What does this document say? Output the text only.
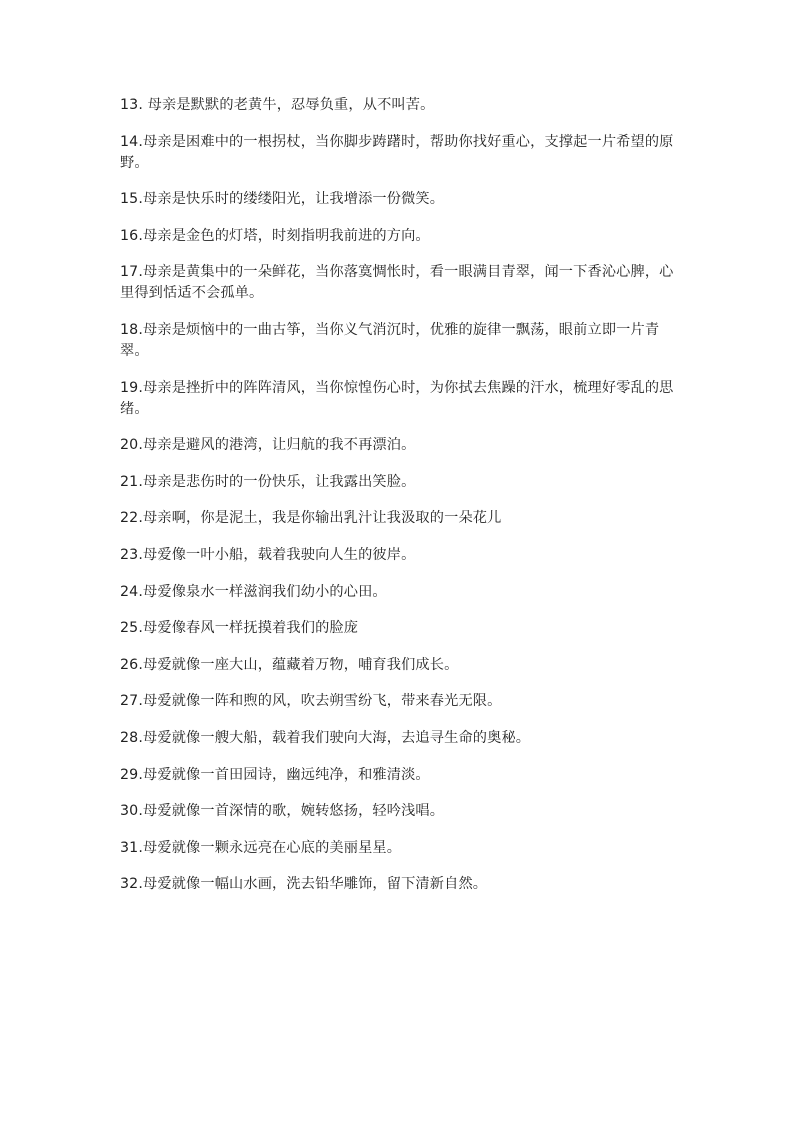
13. 母亲是默默的老黄牛，忍辱负重，从不叫苦。
14.母亲是困难中的一根拐杖，当你脚步踌躇时，帮助你找好重心，支撑起一片希望的原野。
15.母亲是快乐时的缕缕阳光，让我增添一份微笑。
16.母亲是金色的灯塔，时刻指明我前进的方向。
17.母亲是黄集中的一朵鲜花，当你落寞惆怅时，看一眼满目青翠，闻一下香沁心脾，心里得到恬适不会孤单。
18.母亲是烦恼中的一曲古筝，当你义气消沉时，优雅的旋律一飘荡，眼前立即一片青翠。
19.母亲是挫折中的阵阵清风，当你惊惶伤心时，为你拭去焦躁的汗水，梳理好零乱的思绪。
20.母亲是避风的港湾，让归航的我不再漂泊。
21.母亲是悲伤时的一份快乐，让我露出笑脸。
22.母亲啊，你是泥土，我是你输出乳汁让我汲取的一朵花儿
23.母爱像一叶小船，载着我驶向人生的彼岸。
24.母爱像泉水一样滋润我们幼小的心田。
25.母爱像春风一样抚摸着我们的脸庞
26.母爱就像一座大山，蕴藏着万物，哺育我们成长。
27.母爱就像一阵和煦的风，吹去朔雪纷飞，带来春光无限。
28.母爱就像一艘大船，载着我们驶向大海，去追寻生命的奥秘。
29.母爱就像一首田园诗，幽远纯净，和雅清淡。
30.母爱就像一首深情的歌，婉转悠扬，轻吟浅唱。
31.母爱就像一颗永远亮在心底的美丽星星。
32.母爱就像一幅山水画，洗去铅华雕饰，留下清新自然。
